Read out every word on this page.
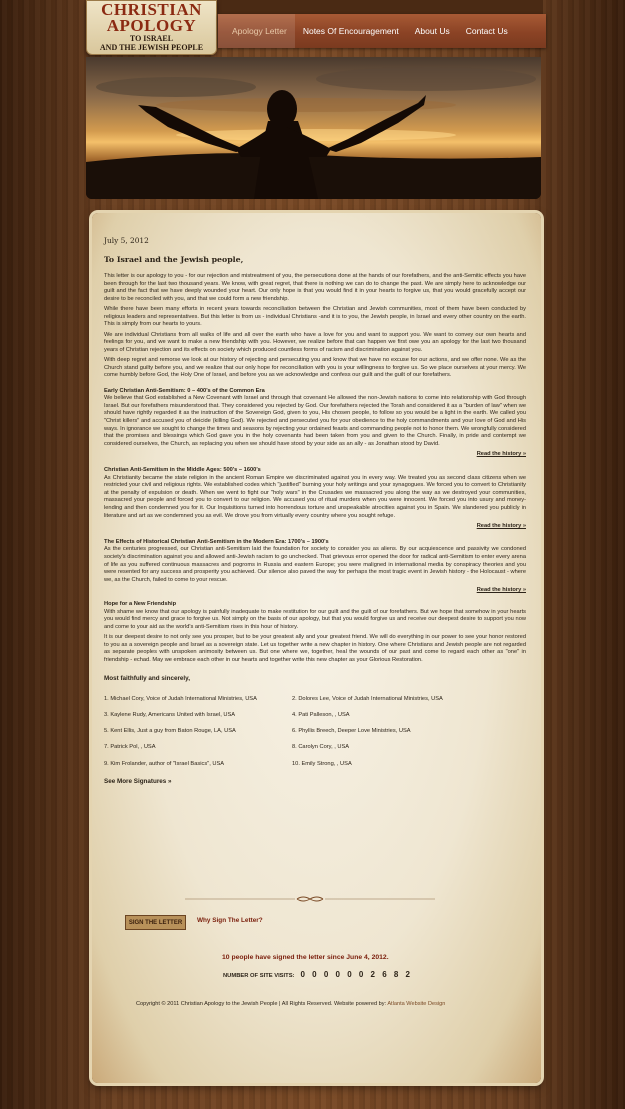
CHRISTIAN
APOLOGY
TO ISRAEL
AND THE JEWISH PEOPLE
Apology Letter	Notes Of Encouragement	About Us	Contact Us
July 5, 2012
To Israel and the Jewish people,

This letter is our apology to you - for our rejection and mistreatment of you, the persecutions done at the hands of our forefathers, and the anti-Semitic effects you have been through for the last two thousand years. We know, with great regret, that there is nothing we can do to change the past. We are simply here to acknowledge our guilt and the fact that we have deeply wounded your heart. Our only hope is that you would find it in your hearts to forgive us, that you would gracefully accept our desire to be reconciled with you, and that we could form a new friendship.

While there have been many efforts in recent years towards reconciliation between the Christian and Jewish communities, most of them have been conducted by religious leaders and representatives. But this letter is from us - individual Christians -and it is to you, the Jewish people, in Israel and every other country on the earth. This is simply from our hearts to yours.

We are individual Christians from all walks of life and all over the earth who have a love for you and want to support you. We want to convey our own hearts and feelings for you, and we want to make a new friendship with you. However, we realize before that can happen we first owe you an apology for the last two thousand years of Christian rejection and its effects on society which produced countless forms of racism and discrimination against you.

With deep regret and remorse we look at our history of rejecting and persecuting you and know that we have no excuse for our actions, and we offer none. We as the Church stand guilty before you, and we realize that our only hope for reconciliation with you is your willingness to forgive us. So we place ourselves at your mercy. We come humbly before God, the Holy One of Israel, and before you as we acknowledge and confess our guilt and the guilt of our forefathers.

Early Christian Anti-Semitism: 0 – 400's of the Common Era

We believe that God established a New Covenant with Israel and through that covenant He allowed the non-Jewish nations to come into relationship with God through Israel. But our forefathers misunderstood that. They considered you rejected by God. Our forefathers rejected the Torah and considered it as a "burden of law" when we should have rightly regarded it as the instruction of the Sovereign God, given to you, His chosen people, to follow so you would be a light in the earth. We called you "Christ killers" and accused you of deicide (killing God). We rejected and persecuted you for your obedience to the holy commandments and your love of God and His ways. In ignorance we sought to change the times and seasons by rejecting your ordained feasts and commanding people not to honor them. We wrongfully considered that the promises and blessings which God gave you in the holy covenants had been taken from you and given to the Church. Finally, in pride and contempt we considered ourselves, the Church, as replacing you when we should have stood by your side as an ally - as Jonathan stood by David.

Read the history »
Christian Anti-Semitism in the Middle Ages: 500's – 1600's

As Christianity became the state religion in the ancient Roman Empire we discriminated against you in every way. We treated you as second class citizens when we restricted your civil and religious rights. We established codes which "justified" burning your holy writings and your synagogues. We forced you to convert to Christianity at the penalty of expulsion or death. When we went to fight our "holy wars" in the Crusades we massacred you along the way as we destroyed your communities, massacred your people and forced you to convert to our religion. We accused you of ritual murders when you were innocent. We forced you into usury and money-lending and then condemned you for it. Our Inquisitions turned into horrendous torture and unspeakable atrocities against you in Spain. We slandered you publicly in literature and art as we condemned you as evil. We drove you from virtually every country where you sought refuge.

Read the history »
The Effects of Historical Christian Anti-Semitism in the Modern Era: 1700's – 1900's

As the centuries progressed, our Christian anti-Semitism laid the foundation for society to consider you as aliens. By our acquiescence and passivity we condoned society's discrimination against you and allowed anti-Jewish racism to go unchecked. That grievous error opened the door for radical anti-Semitism to enter every arena of life as you suffered continuous massacres and pogroms in Russia and eastern Europe; you were maligned in international media by conspiracy theories and you were resented for any success and prosperity you achieved. Our silence also paved the way for perhaps the most tragic event in Jewish history - the Holocaust - where we, as the Church, failed to come to your rescue.

Read the history »
Hope for a New Friendship

With shame we know that our apology is painfully inadequate to make restitution for our guilt and the guilt of our forefathers. But we hope that somehow in your hearts you would find mercy and grace to forgive us. Not simply on the basis of our apology, but that you would forgive us and receive our deepest desire to support you now and come to your aid as the world's anti-Semitism rises in this hour of history.

It is our deepest desire to not only see you prosper, but to be your greatest ally and your greatest friend. We will do everything in our power to see your honor restored to you as a sovereign people and Israel as a sovereign state. Let us together write a new chapter in history. One where Christians and Jewish people are not regarded as separate peoples with unspoken animosity between us. But one where we, together, heal the wounds of our past and come to regard each other as "one" in friendship - echad. May we embrace each other in our hearts and together write this new chapter as your Glorious Restoration.

Most faithfully and sincerely,
1. Michael Cory, Voice of Judah International Ministries, USA	2. Dolores Lee, Voice of Judah International Ministries, USA
3. Kaylene Rudy, Americans United with Israel, USA	4. Pati Palleson, , USA
5. Kent Ellis, Just a guy from Baton Rouge, LA, USA	6. Phyllis Breech, Deeper Love Ministries, USA
7. Patrick Pol, , USA	8. Carolyn Cory, , USA
9. Kim Frolander, author of "Israel Basics", USA	10. Emily Strong, , USA
See More Signatures »
SIGN THE LETTER	Why Sign The Letter?
10 people have signed the letter since June 4, 2012.
NUMBER OF SITE VISITS: 0 0 0 0 0 0 2 6 8 2
Copyright © 2011 Christian Apology to the Jewish People | All Rights Reserved. Website powered by: Atlanta Website Design
